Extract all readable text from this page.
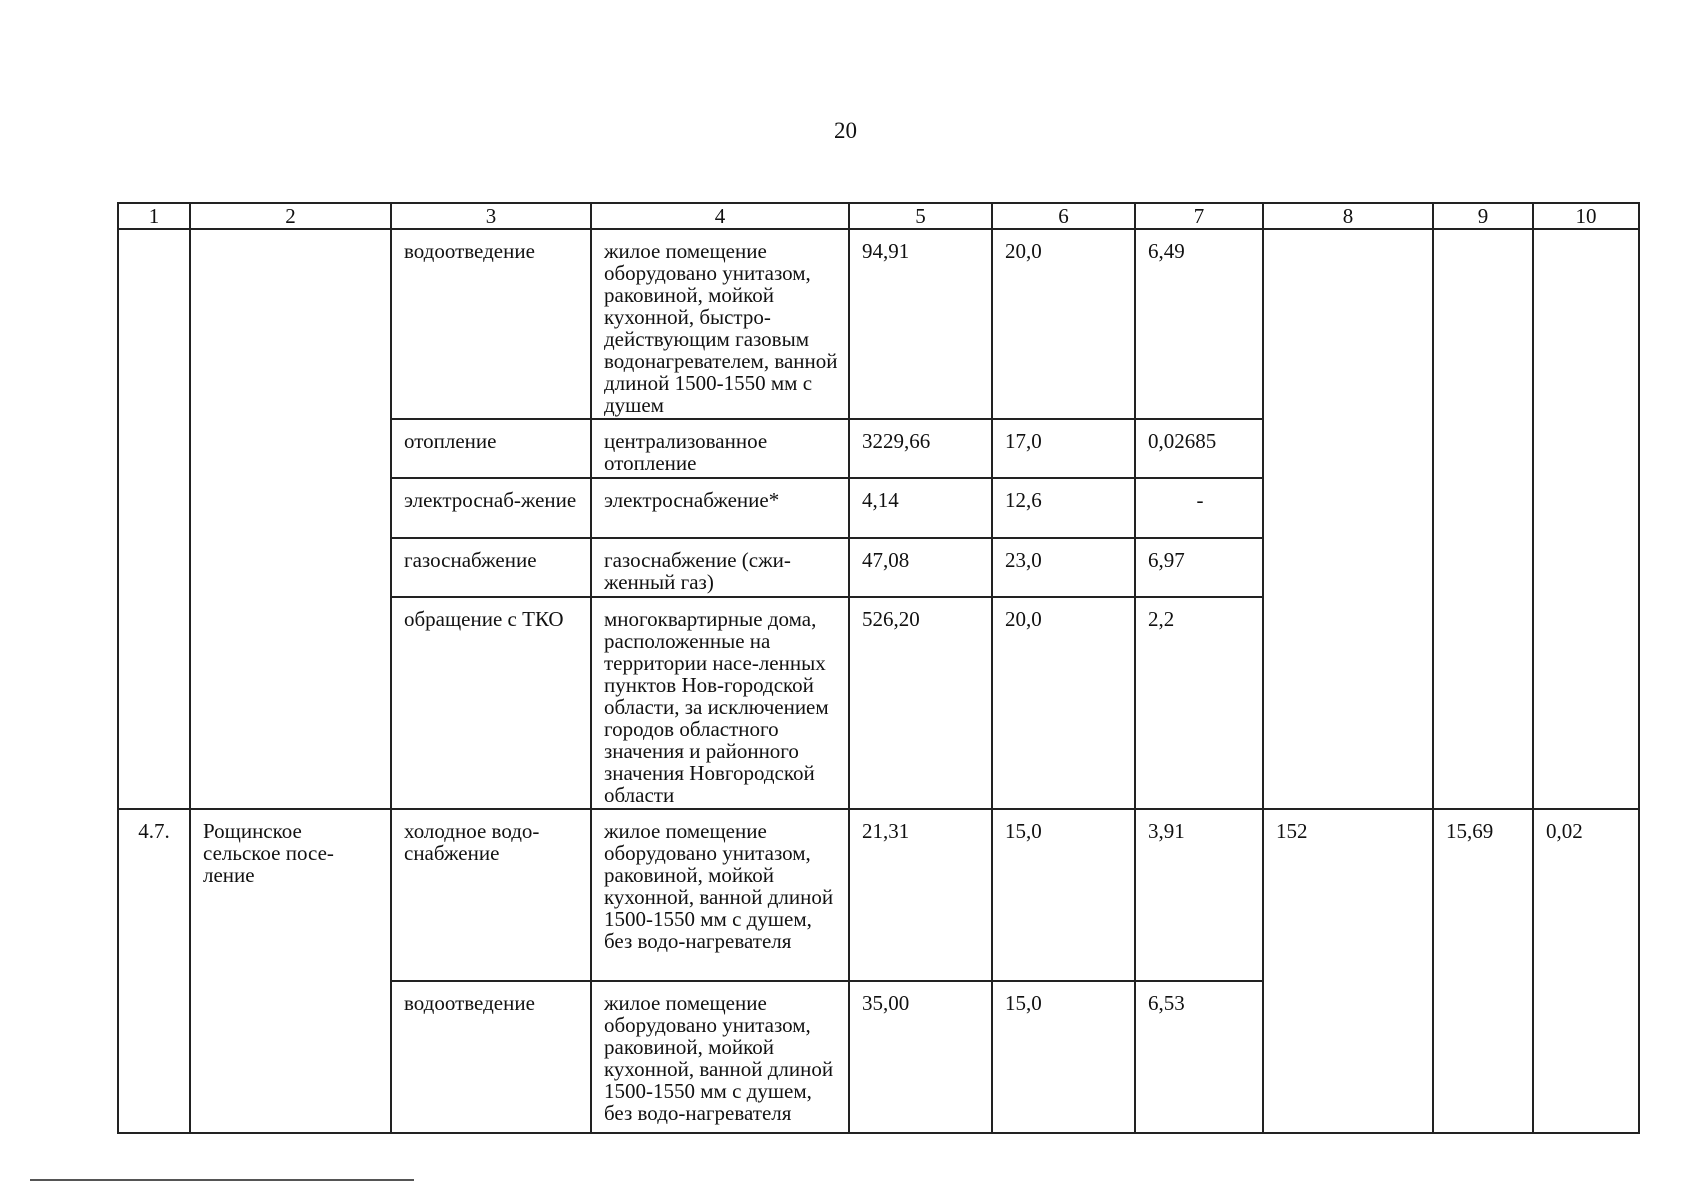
20
1	2	3	4	5	6	7	8	9	10
		водоотведение	жилое помещение оборудовано унитазом, раковиной, мойкой кухонной, быстро-действующим газовым водонагревателем, ванной длиной 1500-1550 мм с душем	94,91	20,0	6,49			
		отопление	централизованное отопление	3229,66	17,0	0,02685			
		электроснаб-жение	электроснабжение*	4,14	12,6	-			
		газоснабжение	газоснабжение (сжи-женный газ)	47,08	23,0	6,97			
		обращение с ТКО	многоквартирные дома, расположенные на территории насе-ленных пунктов Нов-городской области, за исключением городов областного значения и районного значения Новгородской области	526,20	20,0	2,2			
4.7.	Рощинское сельское посе-ление	холодное водо-снабжение	жилое помещение оборудовано унитазом, раковиной, мойкой кухонной, ванной длиной 1500-1550 мм с душем, без водо-нагревателя	21,31	15,0	3,91	152	15,69	0,02
		водоотведение	жилое помещение оборудовано унитазом, раковиной, мойкой кухонной, ванной длиной 1500-1550 мм с душем, без водо-нагревателя	35,00	15,0	6,53			
